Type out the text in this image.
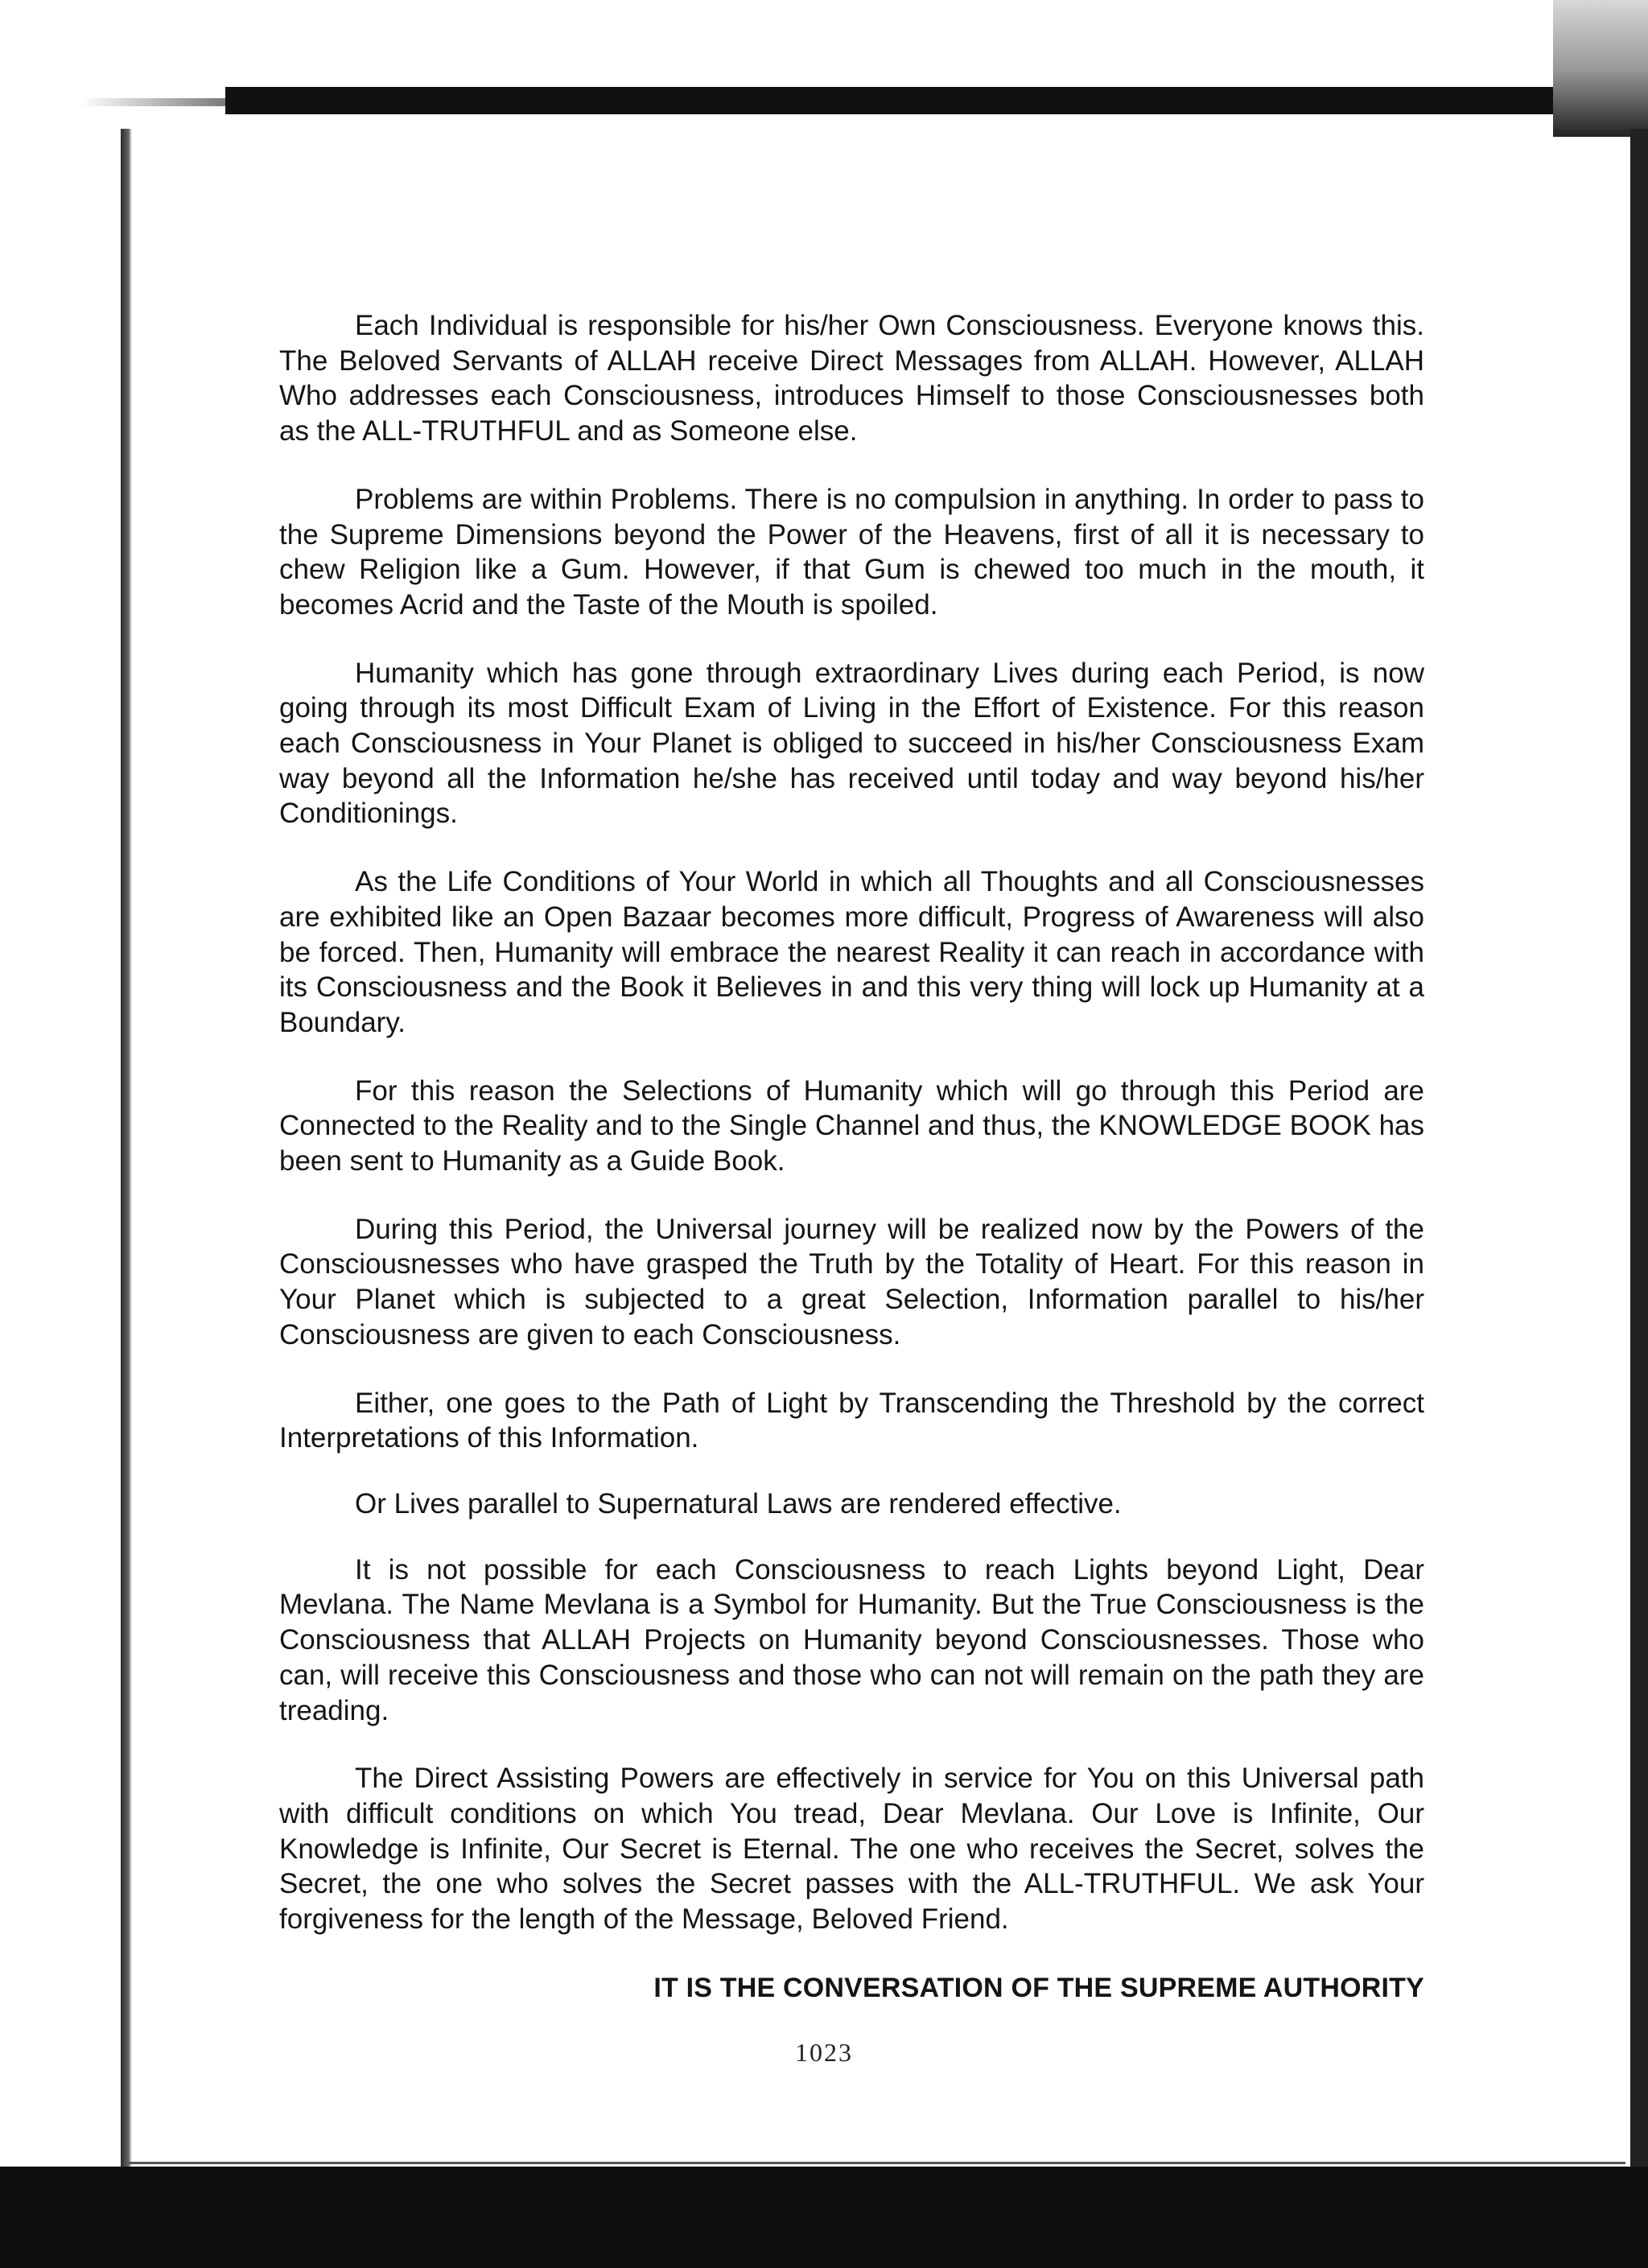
Each Individual is responsible for his/her Own Consciousness. Everyone knows this. The Beloved Servants of ALLAH receive Direct Messages from ALLAH. However, ALLAH Who addresses each Consciousness, introduces Himself to those Consciousnesses both as the ALL-TRUTHFUL and as Someone else.

Problems are within Problems. There is no compulsion in anything. In order to pass to the Supreme Dimensions beyond the Power of the Heavens, first of all it is necessary to chew Religion like a Gum. However, if that Gum is chewed too much in the mouth, it becomes Acrid and the Taste of the Mouth is spoiled.

Humanity which has gone through extraordinary Lives during each Period, is now going through its most Difficult Exam of Living in the Effort of Existence. For this reason each Consciousness in Your Planet is obliged to succeed in his/her Consciousness Exam way beyond all the Information he/she has received until today and way beyond his/her Conditionings.

As the Life Conditions of Your World in which all Thoughts and all Consciousnesses are exhibited like an Open Bazaar becomes more difficult, Progress of Awareness will also be forced. Then, Humanity will embrace the nearest Reality it can reach in accordance with its Consciousness and the Book it Believes in and this very thing will lock up Humanity at a Boundary.

For this reason the Selections of Humanity which will go through this Period are Connected to the Reality and to the Single Channel and thus, the KNOWLEDGE BOOK has been sent to Humanity as a Guide Book.

During this Period, the Universal journey will be realized now by the Powers of the Consciousnesses who have grasped the Truth by the Totality of Heart. For this reason in Your Planet which is subjected to a great Selection, Information parallel to his/her Consciousness are given to each Consciousness.

Either, one goes to the Path of Light by Transcending the Threshold by the correct Interpretations of this Information.

Or Lives parallel to Supernatural Laws are rendered effective.

It is not possible for each Consciousness to reach Lights beyond Light, Dear Mevlana. The Name Mevlana is a Symbol for Humanity. But the True Consciousness is the Consciousness that ALLAH Projects on Humanity beyond Consciousnesses. Those who can, will receive this Consciousness and those who can not will remain on the path they are treading.

The Direct Assisting Powers are effectively in service for You on this Universal path with difficult conditions on which You tread, Dear Mevlana. Our Love is Infinite, Our Knowledge is Infinite, Our Secret is Eternal. The one who receives the Secret, solves the Secret, the one who solves the Secret passes with the ALL-TRUTHFUL. We ask Your forgiveness for the length of the Message, Beloved Friend.

IT IS THE CONVERSATION OF THE SUPREME AUTHORITY

1023
